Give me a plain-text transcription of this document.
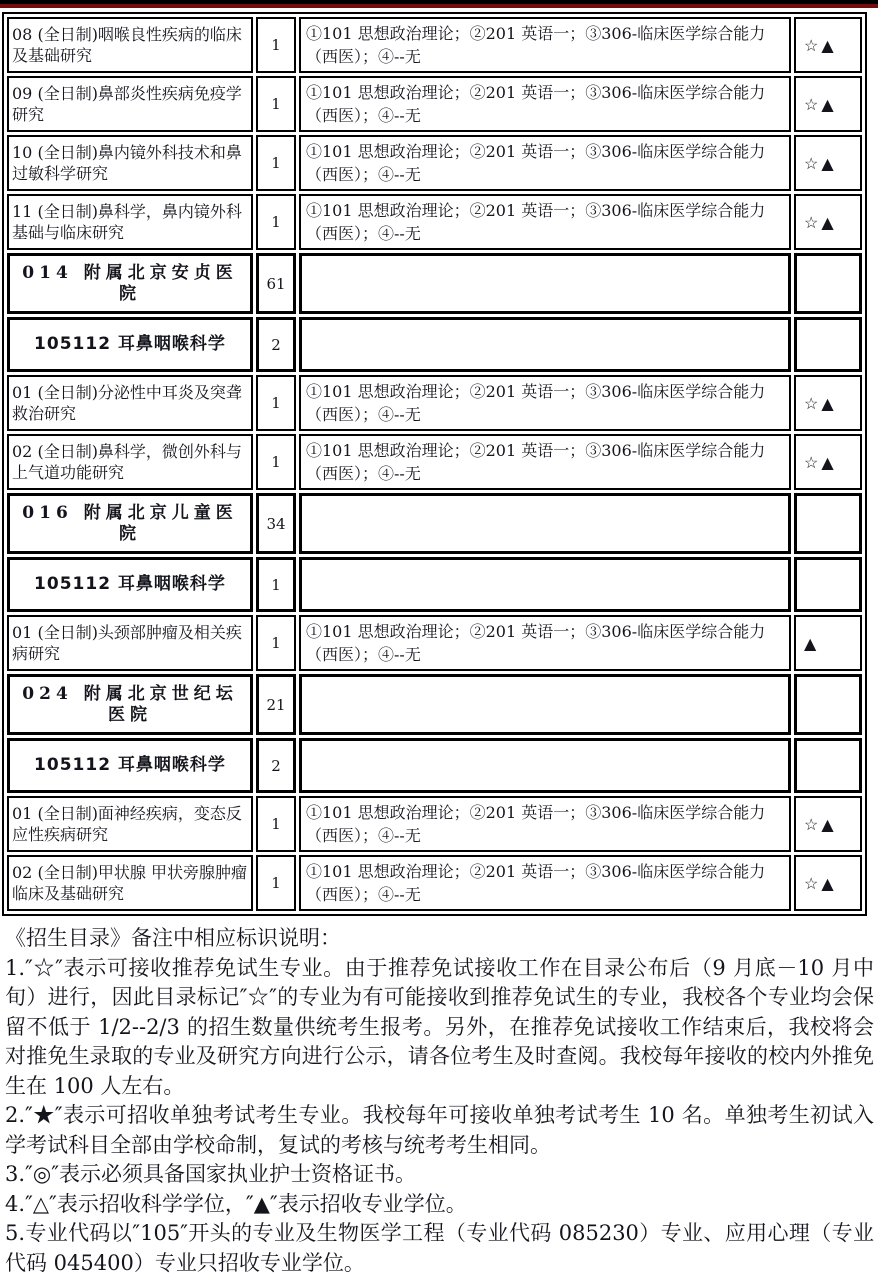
08 (全日制)咽喉良性疾病的临床及基础研究	1	①101 思想政治理论；②201 英语一；③306-临床医学综合能力（西医）；④--无	☆▲
09 (全日制)鼻部炎性疾病免疫学研究	1	①101 思想政治理论；②201 英语一；③306-临床医学综合能力（西医）；④--无	☆▲
10 (全日制)鼻内镜外科技术和鼻过敏科学研究	1	①101 思想政治理论；②201 英语一；③306-临床医学综合能力（西医）；④--无	☆▲
11 (全日制)鼻科学，鼻内镜外科基础与临床研究	1	①101 思想政治理论；②201 英语一；③306-临床医学综合能力（西医）；④--无	☆▲
014 附属北京安贞医院	61		
105112 耳鼻咽喉科学	2		
01 (全日制)分泌性中耳炎及突聋救治研究	1	①101 思想政治理论；②201 英语一；③306-临床医学综合能力（西医）；④--无	☆▲
02 (全日制)鼻科学，微创外科与上气道功能研究	1	①101 思想政治理论；②201 英语一；③306-临床医学综合能力（西医）；④--无	☆▲
016 附属北京儿童医院	34		
105112 耳鼻咽喉科学	1		
01 (全日制)头颈部肿瘤及相关疾病研究	1	①101 思想政治理论；②201 英语一；③306-临床医学综合能力（西医）；④--无	▲
024 附属北京世纪坛医院	21		
105112 耳鼻咽喉科学	2		
01 (全日制)面神经疾病，变态反应性疾病研究	1	①101 思想政治理论；②201 英语一；③306-临床医学综合能力（西医）；④--无	☆▲
02 (全日制)甲状腺 甲状旁腺肿瘤临床及基础研究	1	①101 思想政治理论；②201 英语一；③306-临床医学综合能力（西医）；④--无	☆▲

《招生目录》备注中相应标识说明：

1.″☆″表示可接收推荐免试生专业。由于推荐免试接收工作在目录公布后（9 月底－10 月中旬）进行，因此目录标记″☆″的专业为有可能接收到推荐免试生的专业，我校各个专业均会保留不低于 1/2--2/3 的招生数量供统考生报考。另外，在推荐免试接收工作结束后，我校将会对推免生录取的专业及研究方向进行公示，请各位考生及时查阅。我校每年接收的校内外推免生在 100 人左右。

2.″★″表示可招收单独考试考生专业。我校每年可接收单独考试考生 10 名。单独考生初试入学考试科目全部由学校命制，复试的考核与统考考生相同。

3.″◎″表示必须具备国家执业护士资格证书。

4.″△″表示招收科学学位，″▲″表示招收专业学位。

5.专业代码以″105″开头的专业及生物医学工程（专业代码 085230）专业、应用心理（专业代码 045400）专业只招收专业学位。
